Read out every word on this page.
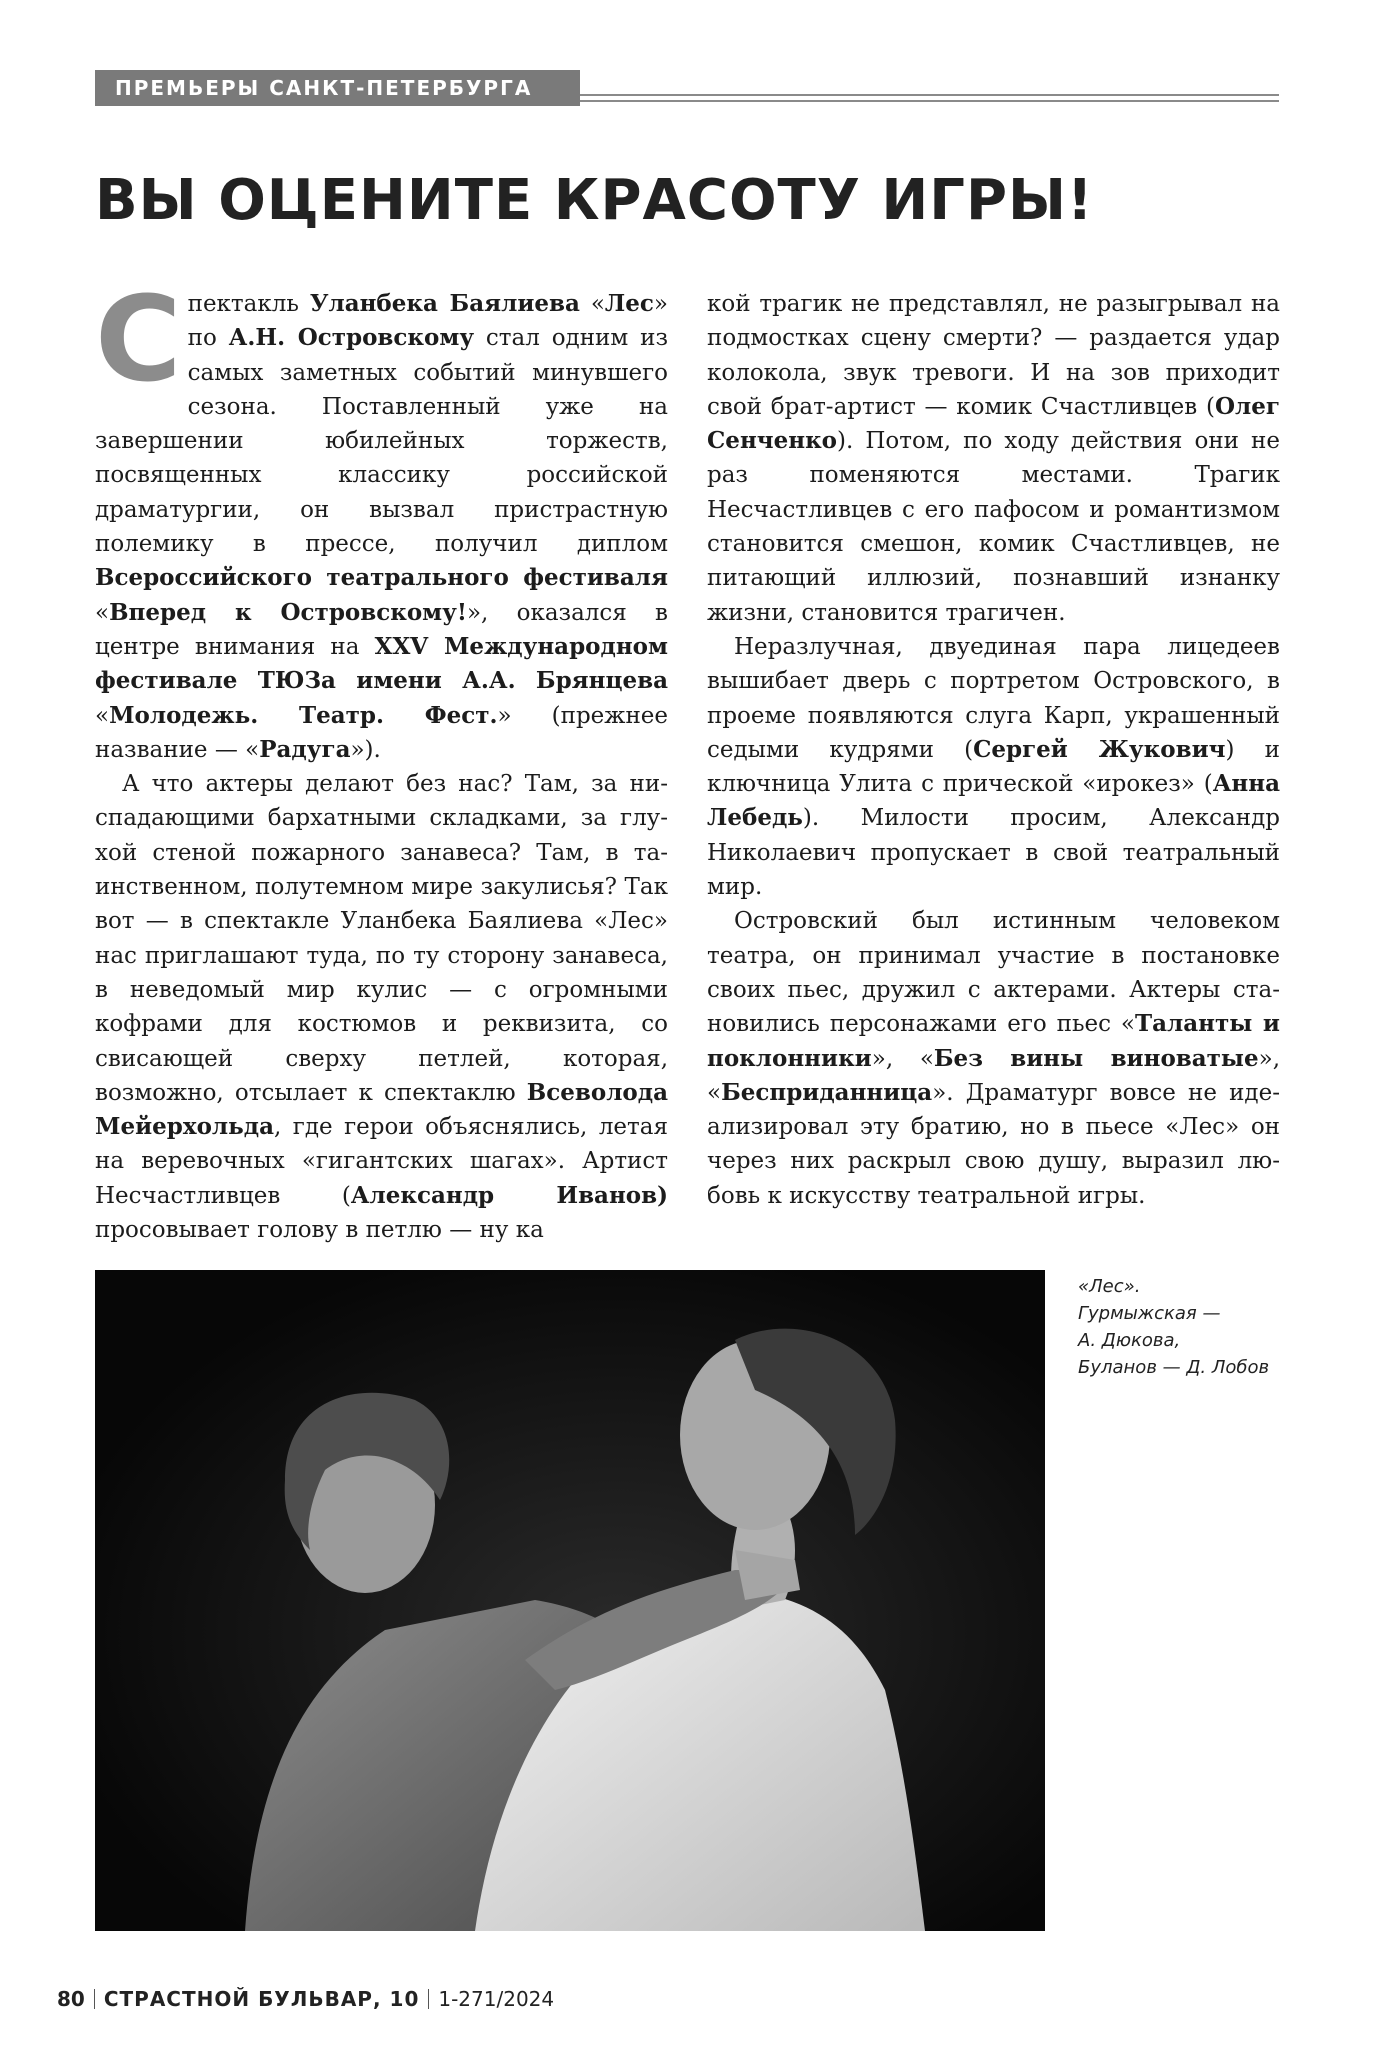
ПРЕМЬЕРЫ САНКТ-ПЕТЕРБУРГА
ВЫ ОЦЕНИТЕ КРАСОТУ ИГРЫ!
С пектакль Уланбека Баялиева «Лес» по А.Н. Островскому стал одним из самых заметных событий минувшего сезона. Поставленный уже на завершении юбилейных торжеств, посвященных классику российской драматургии, он вызвал пристрастную полемику в прессе, получил диплом Всероссийского театрального фестиваля «Вперед к Островскому!», оказался в центре внимания на XXV Международном фестивале ТЮЗа имени А.А. Брянцева «Молодежь. Театр. Фест.» (прежнее название — «Радуга»).

А что актеры делают без нас? Там, за ниспадающими бархатными складками, за глухой стеной пожарного занавеса? Там, в таинственном, полутемном мире закулисья? Так вот — в спектакле Уланбека Баялиева «Лес» нас приглашают туда, по ту сторону занавеса, в неведомый мир кулис — с огромными кофрами для костюмов и реквизита, со свисающей сверху петлей, которая, возможно, отсылает к спектаклю Всеволода Мейерхольда, где герои объяснялись, летая на веревочных «гигантских шагах». Артист Несчастливцев (Александр Иванов) просовывает голову в петлю — ну ка

кой трагик не представлял, не разыгрывал на подмостках сцену смерти? — раздается удар колокола, звук тревоги. И на зов приходит свой брат-артист — комик Счастливцев (Олег Сенченко). Потом, по ходу действия они не раз поменяются местами. Трагик Несчастливцев с его пафосом и романтизмом становится смешон, комик Счастливцев, не питающий иллюзий, познавший изнанку жизни, становится трагичен.

Неразлучная, двуединая пара лицедеев вышибает дверь с портретом Островского, в проеме появляются слуга Карп, украшенный седыми кудрями (Сергей Жукович) и ключница Улита с прической «ирокез» (Анна Лебедь). Милости просим, Александр Николаевич пропускает в свой театральный мир.

Островский был истинным человеком театра, он принимал участие в постановке своих пьес, дружил с актерами. Актеры становились персонажами его пьес «Таланты и поклонники», «Без вины виноватые», «Бесприданница». Драматург вовсе не идеализировал эту братию, но в пьесе «Лес» он через них раскрыл свою душу, выразил любовь к искусству театральной игры.

«Лес».
Гурмыжская —
А. Дюкова,
Буланов — Д. Лобов
80 СТРАСТНОЙ БУЛЬВАР, 10 1-271/2024
